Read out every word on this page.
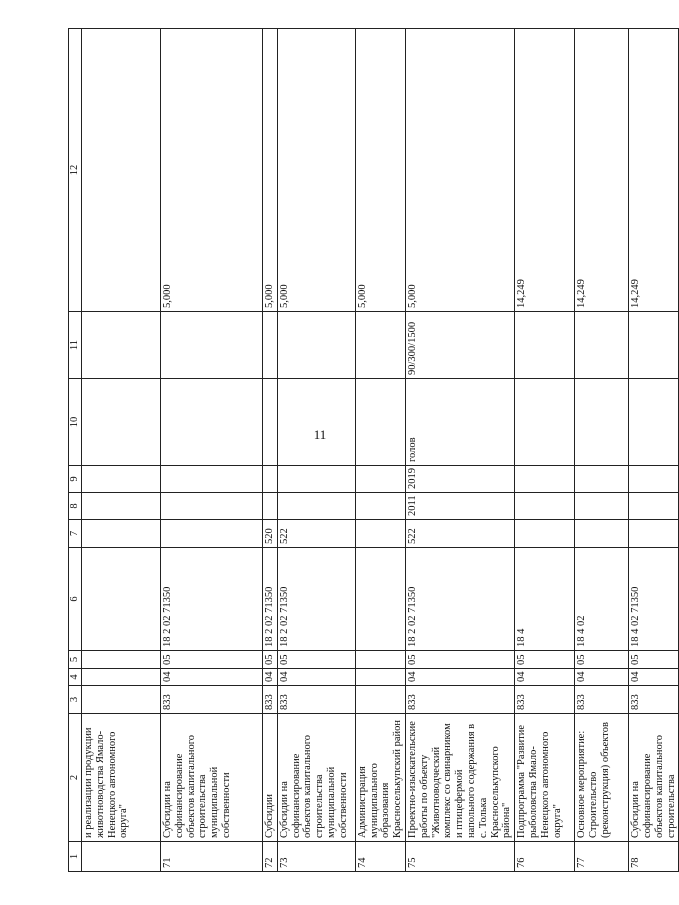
11
1	2	3	4	5	6	7	8	9	10	11	12
	и реализации продукции животноводства Ямало-Ненецкого автономного округа"										
71	Субсидии на софинансирование объектов капитального строительства муниципальной собственности	833	04	05	18 2 02 71350						5,000
72	Субсидии	833	04	05	18 2 02 71350	520					5,000
73	Субсидии на софинансирование объектов капитального строительства муниципальной собственности	833	04	05	18 2 02 71350	522					5,000
74	Администрация муниципального образования Красноселькупский район										5,000
75	Проектно-изыскательские работы по объекту "Животноводческий комплекс со свинарником и птицефермой напольного содержания в с. Толька Красноселькупского района"	833	04	05	18 2 02 71350	522	2011	2019	голов	90/300/1500	5,000
76	Подпрограмма "Развитие рыболовства Ямало-Ненецкого автономного округа"	833	04	05	18 4						14,249
77	Основное мероприятие: Строительство (реконструкция) объектов	833	04	05	18 4 02						14,249
78	Субсидии на софинансирование объектов капитального строительства	833	04	05	18 4 02 71350						14,249
